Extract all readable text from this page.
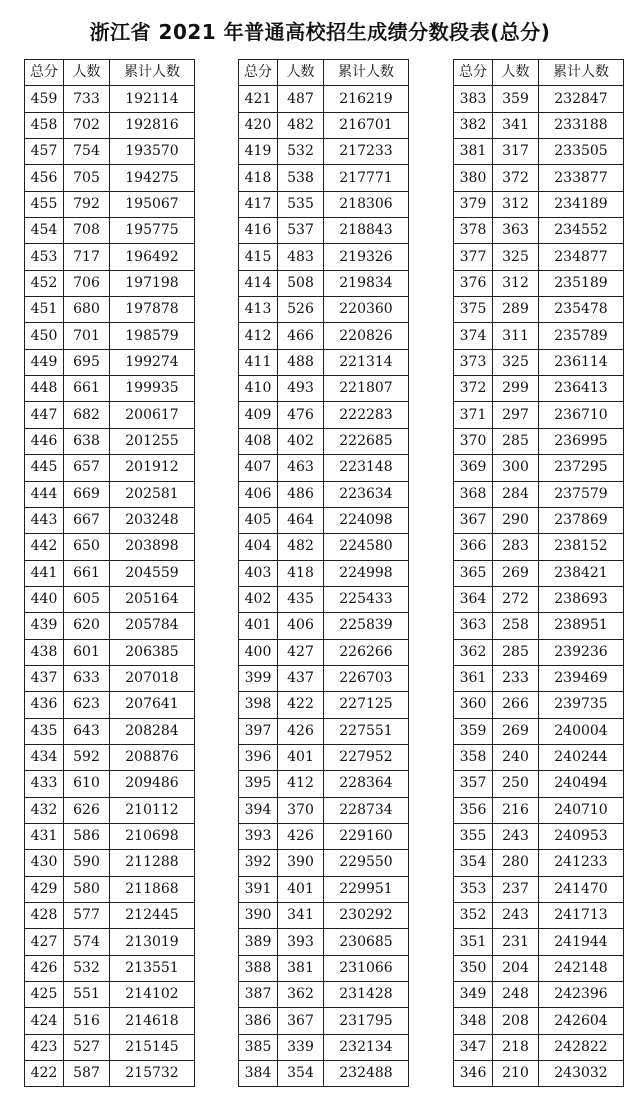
浙江省 2021 年普通高校招生成绩分数段表(总分)
总分	人数	累计人数
459	733	192114
458	702	192816
457	754	193570
456	705	194275
455	792	195067
454	708	195775
453	717	196492
452	706	197198
451	680	197878
450	701	198579
449	695	199274
448	661	199935
447	682	200617
446	638	201255
445	657	201912
444	669	202581
443	667	203248
442	650	203898
441	661	204559
440	605	205164
439	620	205784
438	601	206385
437	633	207018
436	623	207641
435	643	208284
434	592	208876
433	610	209486
432	626	210112
431	586	210698
430	590	211288
429	580	211868
428	577	212445
427	574	213019
426	532	213551
425	551	214102
424	516	214618
423	527	215145
422	587	215732
总分	人数	累计人数
421	487	216219
420	482	216701
419	532	217233
418	538	217771
417	535	218306
416	537	218843
415	483	219326
414	508	219834
413	526	220360
412	466	220826
411	488	221314
410	493	221807
409	476	222283
408	402	222685
407	463	223148
406	486	223634
405	464	224098
404	482	224580
403	418	224998
402	435	225433
401	406	225839
400	427	226266
399	437	226703
398	422	227125
397	426	227551
396	401	227952
395	412	228364
394	370	228734
393	426	229160
392	390	229550
391	401	229951
390	341	230292
389	393	230685
388	381	231066
387	362	231428
386	367	231795
385	339	232134
384	354	232488
总分	人数	累计人数
383	359	232847
382	341	233188
381	317	233505
380	372	233877
379	312	234189
378	363	234552
377	325	234877
376	312	235189
375	289	235478
374	311	235789
373	325	236114
372	299	236413
371	297	236710
370	285	236995
369	300	237295
368	284	237579
367	290	237869
366	283	238152
365	269	238421
364	272	238693
363	258	238951
362	285	239236
361	233	239469
360	266	239735
359	269	240004
358	240	240244
357	250	240494
356	216	240710
355	243	240953
354	280	241233
353	237	241470
352	243	241713
351	231	241944
350	204	242148
349	248	242396
348	208	242604
347	218	242822
346	210	243032
